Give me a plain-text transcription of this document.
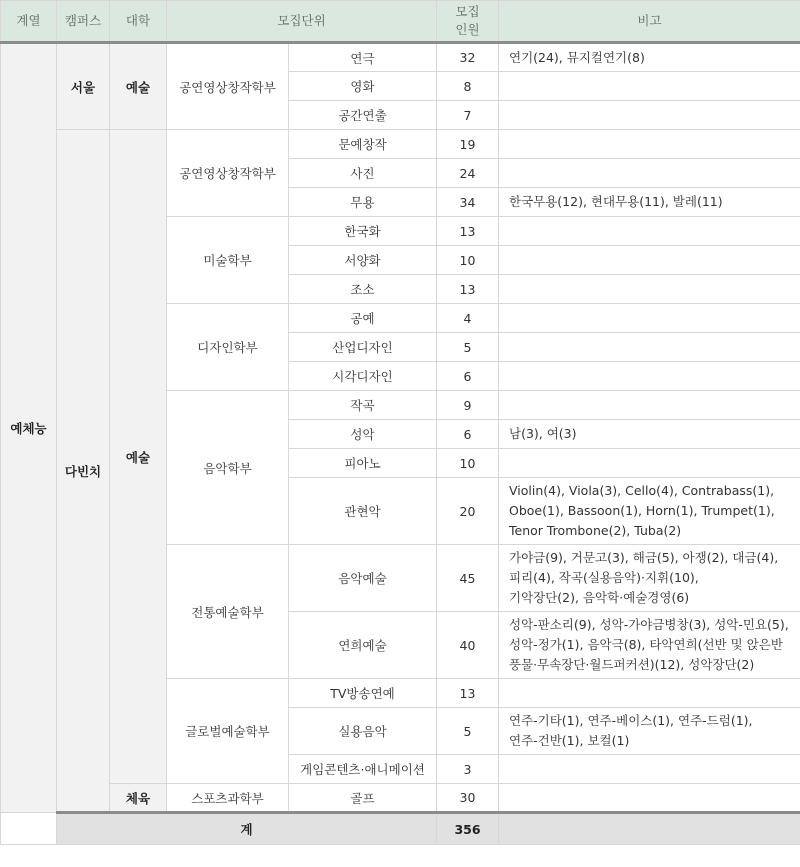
계열	캠퍼스	대학	모집단위		모집
인원	비고
예체능	서울	예술	공연영상창작학부	연극	32	연기(24), 뮤지컬연기(8)
				영화	8	
				공간연출	7	
	다빈치	예술	공연영상창작학부	문예창작	19	
				사진	24	
				무용	34	한국무용(12), 현대무용(11), 발레(11)
			미술학부	한국화	13	
				서양화	10	
				조소	13	
			디자인학부	공예	4	
				산업디자인	5	
				시각디자인	6	
			음악학부	작곡	9	
				성악	6	남(3), 여(3)
				피아노	10	
				관현악	20	Violin(4), Viola(3), Cello(4), Contrabass(1),
Oboe(1), Bassoon(1), Horn(1), Trumpet(1),
Tenor Trombone(2), Tuba(2)
			전통예술학부	음악예술	45	가야금(9), 거문고(3), 해금(5), 아쟁(2), 대금(4),
피리(4), 작곡(실용음악)·지휘(10),
기악장단(2), 음악학·예술경영(6)
				연희예술	40	성악-판소리(9), 성악-가야금병창(3), 성악-민요(5),
성악-정가(1), 음악극(8), 타악연희(선반 및 앉은반
풍물·무속장단·월드퍼커션)(12), 성악장단(2)
			글로벌예술학부	TV방송연예	13	
				실용음악	5	연주-기타(1), 연주-베이스(1), 연주-드럼(1),
연주-건반(1), 보컬(1)
				게임콘텐츠·애니메이션	3	
		체육	스포츠과학부	골프	30	
	계				356	
